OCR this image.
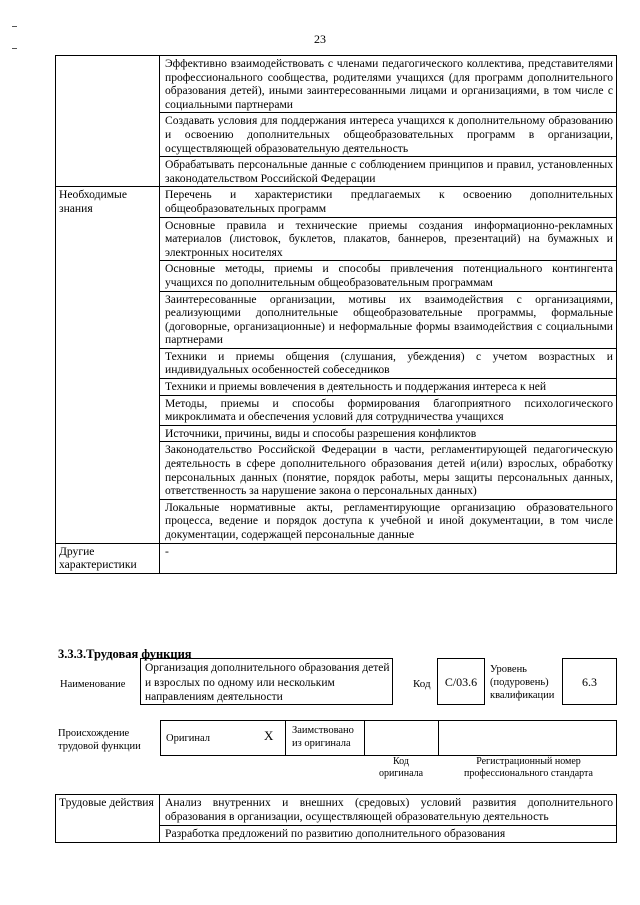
23
	Эффективно взаимодействовать с членами педагогического коллектива, представителями профессионального сообщества, родителями учащихся (для программ дополнительного образования детей), иными заинтересованными лицами и организациями, в том числе с социальными партнерами
	Создавать условия для поддержания интереса учащихся к дополнительному образованию и освоению дополнительных общеобразовательных программ в организации, осуществляющей образовательную деятельность
	Обрабатывать персональные данные с соблюдением принципов и правил, установленных законодательством Российской Федерации
Необходимые знания	Перечень и характеристики предлагаемых к освоению дополнительных общеобразовательных программ
	Основные правила и технические приемы создания информационно-рекламных материалов (листовок, буклетов, плакатов, баннеров, презентаций) на бумажных и электронных носителях
	Основные методы, приемы и способы привлечения потенциального контингента учащихся по дополнительным общеобразовательным программам
	Заинтересованные организации, мотивы их взаимодействия с организациями, реализующими дополнительные общеобразовательные программы, формальные (договорные, организационные) и неформальные формы взаимодействия с социальными партнерами
	Техники и приемы общения (слушания, убеждения) с учетом возрастных и индивидуальных особенностей собеседников
	Техники и приемы вовлечения в деятельность и поддержания интереса к ней
	Методы, приемы и способы формирования благоприятного психологического микроклимата и обеспечения условий для сотрудничества учащихся
	Источники, причины, виды и способы разрешения конфликтов
	Законодательство Российской Федерации в части, регламентирующей педагогическую деятельность в сфере дополнительного образования детей и(или) взрослых, обработку персональных данных (понятие, порядок работы, меры защиты персональных данных, ответственность за нарушение закона о персональных данных)
	Локальные нормативные акты, регламентирующие организацию образовательного процесса, ведение и порядок доступа к учебной и иной документации, в том числе документации, содержащей персональные данные
Другие характеристики	-
3.3.3.Трудовая функция
Наименование
Организация дополнительного образования детей и взрослых по одному или нескольким направлениям деятельности
Код	C/03.6
Уровень (подуровень) квалификации
6.3
Происхождение трудовой функции
Оригинал	X Заимствовано из оригинала
Код оригинала
Регистрационный номер профессионального стандарта
Трудовые действия	Анализ внутренних и внешних (средовых) условий развития дополнительного образования в организации, осуществляющей образовательную деятельность
Разработка предложений по развитию дополнительного образования
